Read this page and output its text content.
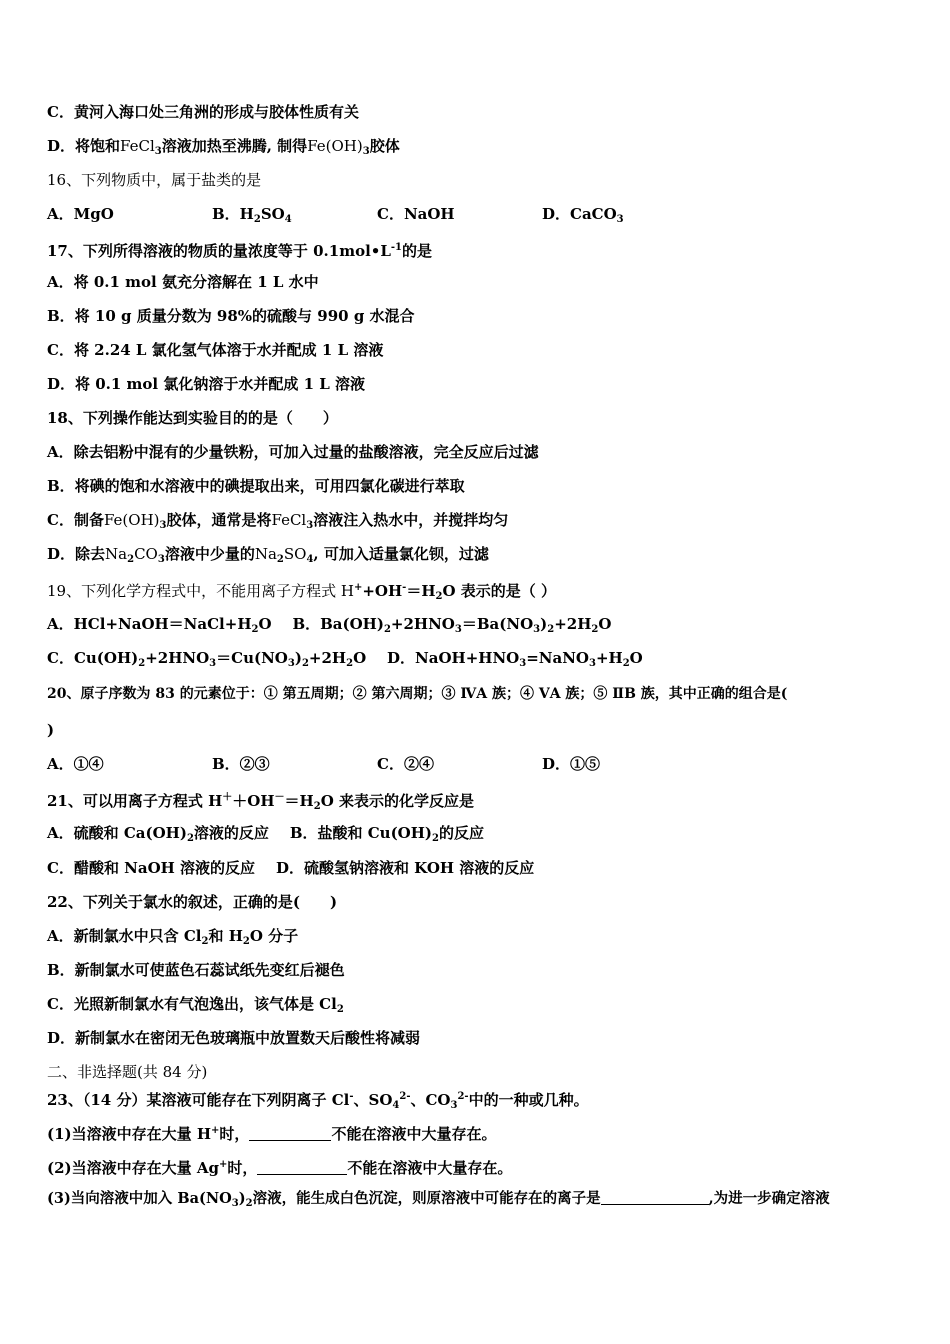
C．黄河入海口处三角洲的形成与胶体性质有关
D．将饱和FeCl$_3$溶液加热至沸腾, 制得$Fe(OH)_3$胶体
16、下列物质中，属于盐类的是
A．MgO	B．$H_2SO_4$	C．NaOH	D．CaCO$_3$
17、下列所得溶液的物质的量浓度等于 $0.1mol•L^{-1}$的是
A．将 0.1 mol 氨充分溶解在 1 L 水中
B．将 10 g 质量分数为 98%的硫酸与 990 g 水混合
C．将 2.24 L 氯化氢气体溶于水并配成 1 L 溶液
D．将 0.1 mol 氯化钠溶于水并配成 1 L 溶液
18、下列操作能达到实验目的的是（　　）
A．除去铝粉中混有的少量铁粉，可加入过量的盐酸溶液，完全反应后过滤
B．将碘的饱和水溶液中的碘提取出来，可用四氯化碳进行萃取
C．制备$Fe(OH)_3$胶体，通常是将FeCl$_3$溶液注入热水中，并搅拌均匀
D．除去$Na_2CO_3$溶液中少量的$Na_2SO_4$, 可加入适量氯化钡，过滤
19、下列化学方程式中，不能用离子方程式 $H^++OH^-=H_2O$ 表示的是（ ）
A．$HCl+NaOH=NaCl+H_2O$ B．$Ba(OH)_2+2HNO_3=Ba(NO_3)_2+2H_2O$
C．$Cu(OH)_2+2HNO_3=Cu(NO_3)_2+2H_2O$ D．$NaOH+HNO_3=NaNO_3+H_2O$
20、原子序数为 83 的元素位于：① 第五周期；② 第六周期；③ ⅣA 族；④ ⅤA 族；⑤ ⅡB 族，其中正确的组合是(
)
A．①④	B．②③	C．②④	D．①⑤
21、可以用离子方程式 $H^++OH^-=H_2O$ 来表示的化学反应是
A．硫酸和 $Ca(OH)_2$溶液的反应 B．盐酸和 $Cu(OH)_2$的反应
C．醋酸和 NaOH 溶液的反应 D．硫酸氢钠溶液和 KOH 溶液的反应
22、下列关于氯水的叙述，正确的是(　　)
A．新制氯水中只含 $Cl_2$和 $H_2O$ 分子
B．新制氯水可使蓝色石蕊试纸先变红后褪色
C．光照新制氯水有气泡逸出，该气体是 $Cl_2$
D．新制氯水在密闭无色玻璃瓶中放置数天后酸性将减弱
二、非选择题(共 84 分)
23、（14 分）某溶液可能存在下列阴离子 Cl-、$SO_4^{2-}$、$CO_3^{2-}$中的一种或几种。
(1)当溶液中存在大量 H+时，	不能在溶液中大量存在。
(2)当溶液中存在大量 Ag+时，	不能在溶液中大量存在。
(3)当向溶液中加入 $Ba(NO_3)_2$溶液，能生成白色沉淀，则原溶液中可能存在的离子是	,为进一步确定溶液
